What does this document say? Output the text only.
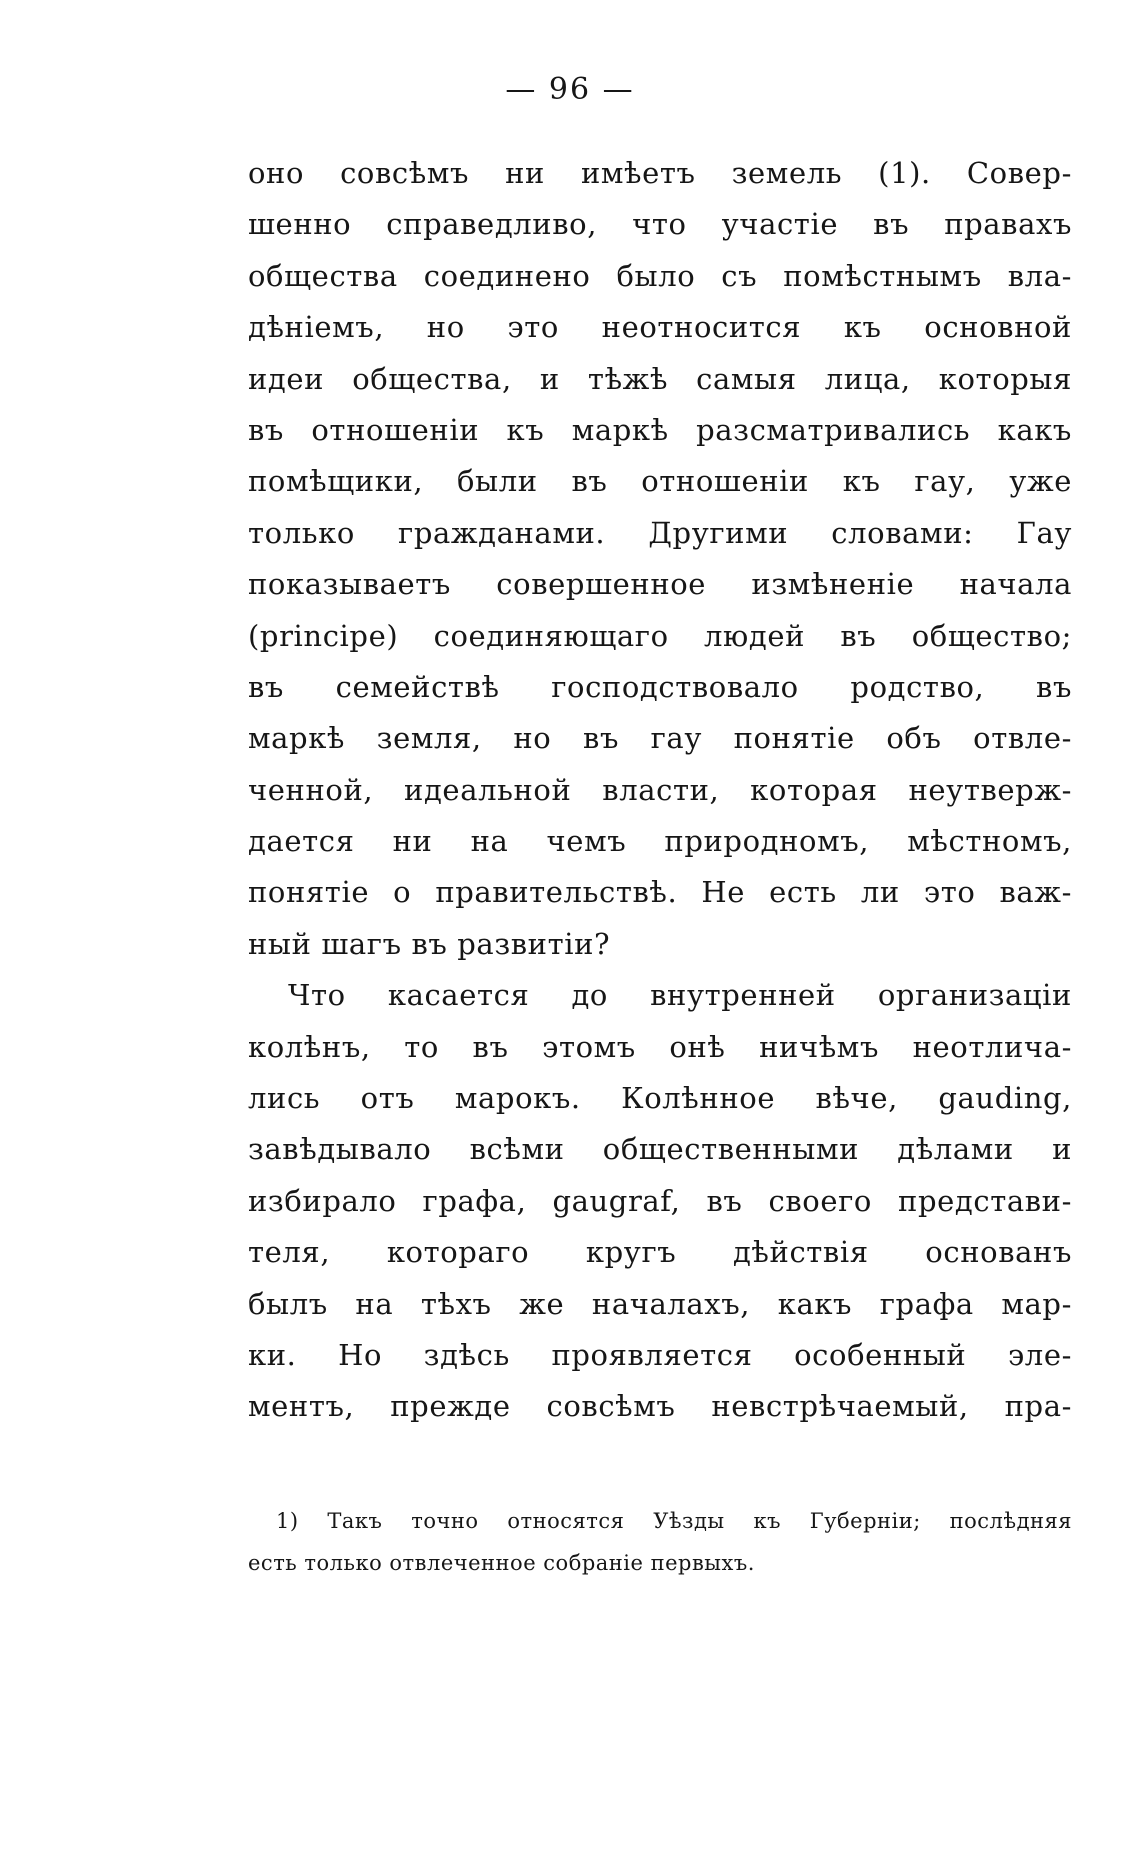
— 96 —
оно совсѣмъ ни имѣетъ земель (1). Совер-
шенно справедливо, что участіе въ правахъ
общества соединено было съ помѣстнымъ вла-
дѣніемъ, но это неотносится къ основной
идеи общества, и тѣжѣ самыя лица, которыя
въ отношеніи къ маркѣ разсматривались какъ
помѣщики, были въ отношеніи къ гау, уже
только гражданами. Другими словами: Гау
показываетъ совершенное измѣненіе начала
(principe) соединяющаго людей въ общество;
въ семействѣ господствовало родство, въ
маркѣ земля, но въ гау понятіе объ отвле-
ченной, идеальной власти, которая неутверж-
дается ни на чемъ природномъ, мѣстномъ,
понятіе о правительствѣ. Не есть ли это важ-
ный шагъ въ развитіи?
Что касается до внутренней организаціи
колѣнъ, то въ этомъ онѣ ничѣмъ неотлича-
лись отъ марокъ. Колѣнное вѣче, gauding,
завѣдывало всѣми общественными дѣлами и
избирало графа, gaugraf, въ своего представи-
теля, котораго кругъ дѣйствія основанъ
былъ на тѣхъ же началахъ, какъ графа мар-
ки. Но здѣсь проявляется особенный эле-
ментъ, прежде совсѣмъ невстрѣчаемый, пра-
1) Такъ точно относятся Уѣзды къ Губерніи; послѣдняя
есть только отвлеченное собраніе первыхъ.
